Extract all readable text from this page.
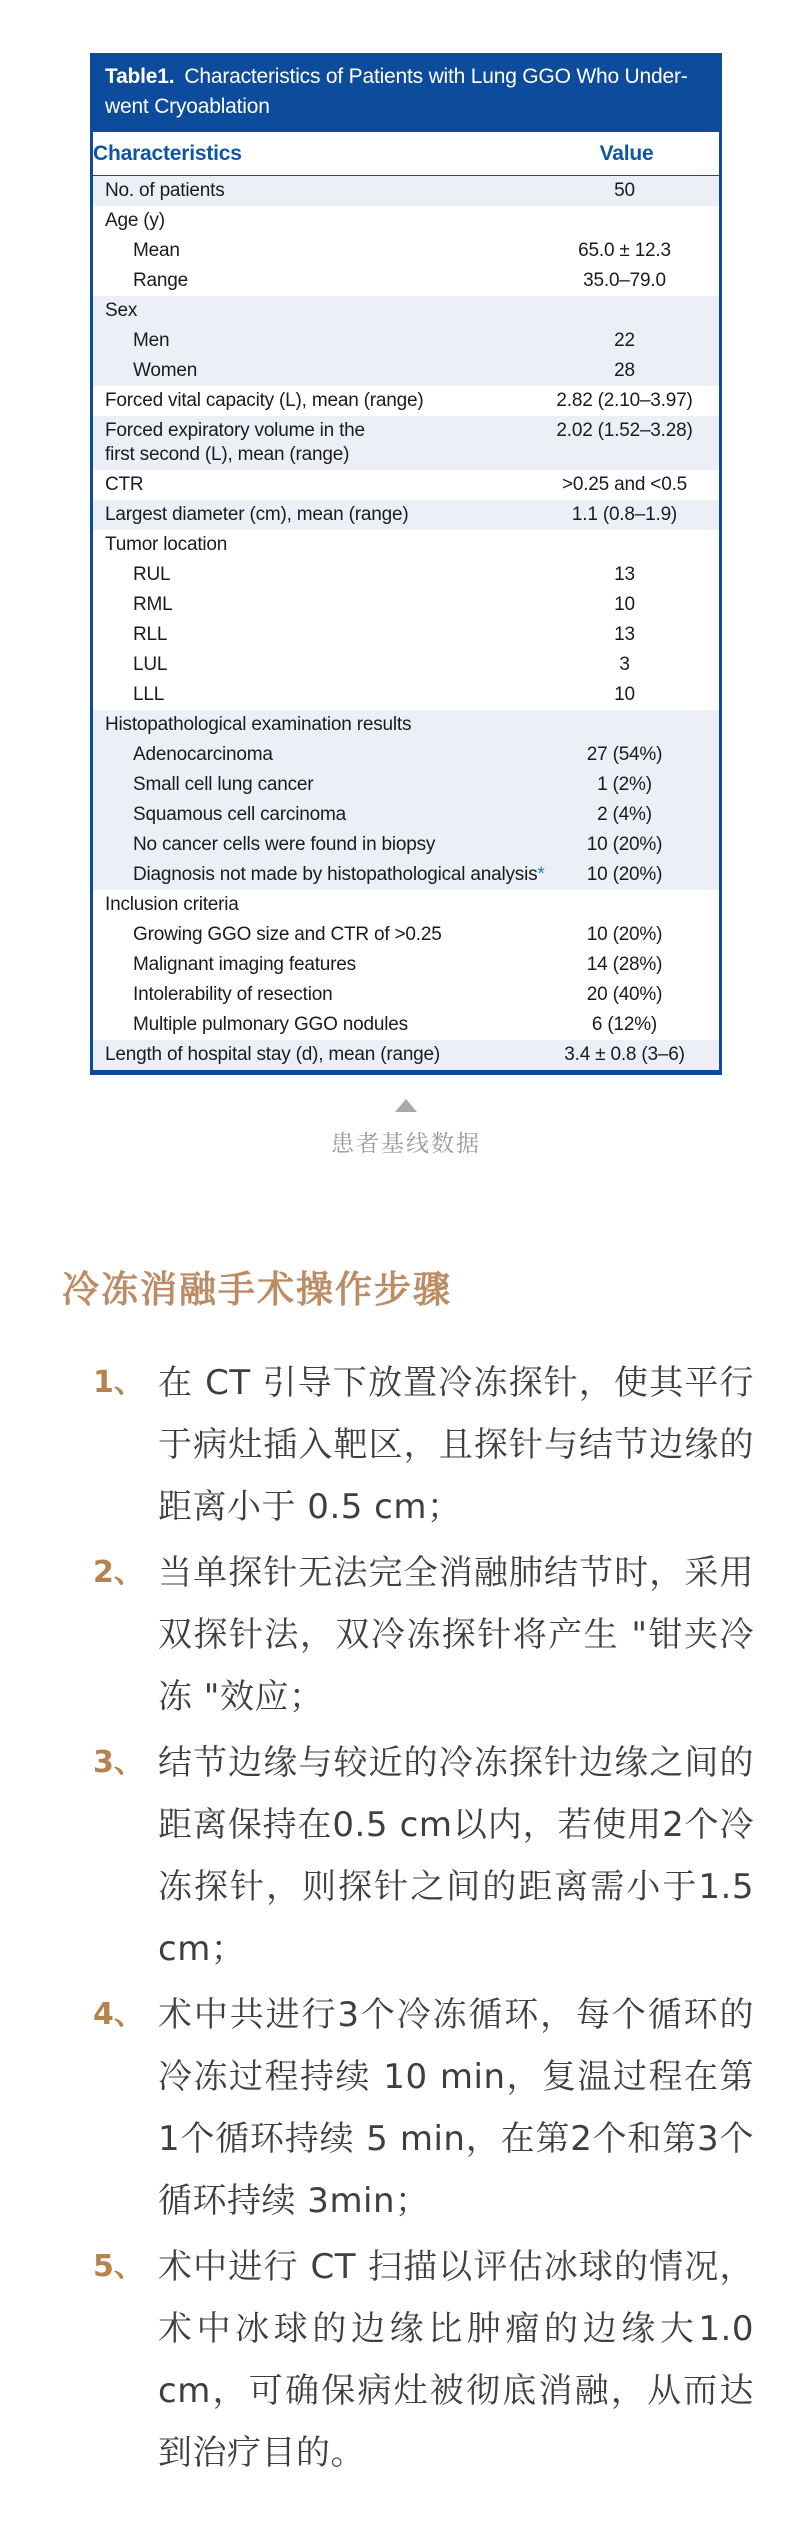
Table1. Characteristics of Patients with Lung GGO Who Under-
went Cryoablation
Characteristics	Value
No. of patients	50
Age (y)	
Mean	65.0 ± 12.3
Range	35.0–79.0
Sex	
Men	22
Women	28
Forced vital capacity (L), mean (range)	2.82 (2.10–3.97)
Forced expiratory volume in the
first second (L), mean (range)	2.02 (1.52–3.28)
CTR	>0.25 and <0.5
Largest diameter (cm), mean (range)	1.1 (0.8–1.9)
Tumor location	
RUL	13
RML	10
RLL	13
LUL	3
LLL	10
Histopathological examination results	
Adenocarcinoma	27 (54%)
Small cell lung cancer	1 (2%)
Squamous cell carcinoma	2 (4%)
No cancer cells were found in biopsy	10 (20%)
Diagnosis not made by histopathological analysis*	10 (20%)
Inclusion criteria	
Growing GGO size and CTR of >0.25	10 (20%)
Malignant imaging features	14 (28%)
Intolerability of resection	20 (40%)
Multiple pulmonary GGO nodules	6 (12%)
Length of hospital stay (d), mean (range)	3.4 ± 0.8 (3–6)
患者基线数据
冷冻消融手术操作步骤
1、 在 CT 引导下放置冷冻探针，使其平行于病灶插入靶区，且探针与结节边缘的距离小于 0.5 cm；
2、 当单探针无法完全消融肺结节时，采用双探针法，双冷冻探针将产生 "钳夹冷冻 "效应；
3、 结节边缘与较近的冷冻探针边缘之间的距离保持在0.5 cm以内，若使用2个冷冻探针，则探针之间的距离需小于1.5 cm；
4、 术中共进行3个冷冻循环，每个循环的冷冻过程持续 10 min，复温过程在第1个循环持续 5 min，在第2个和第3个循环持续 3min；
5、 术中进行 CT 扫描以评估冰球的情况，术中冰球的边缘比肿瘤的边缘大1.0 cm，可确保病灶被彻底消融，从而达到治疗目的。
